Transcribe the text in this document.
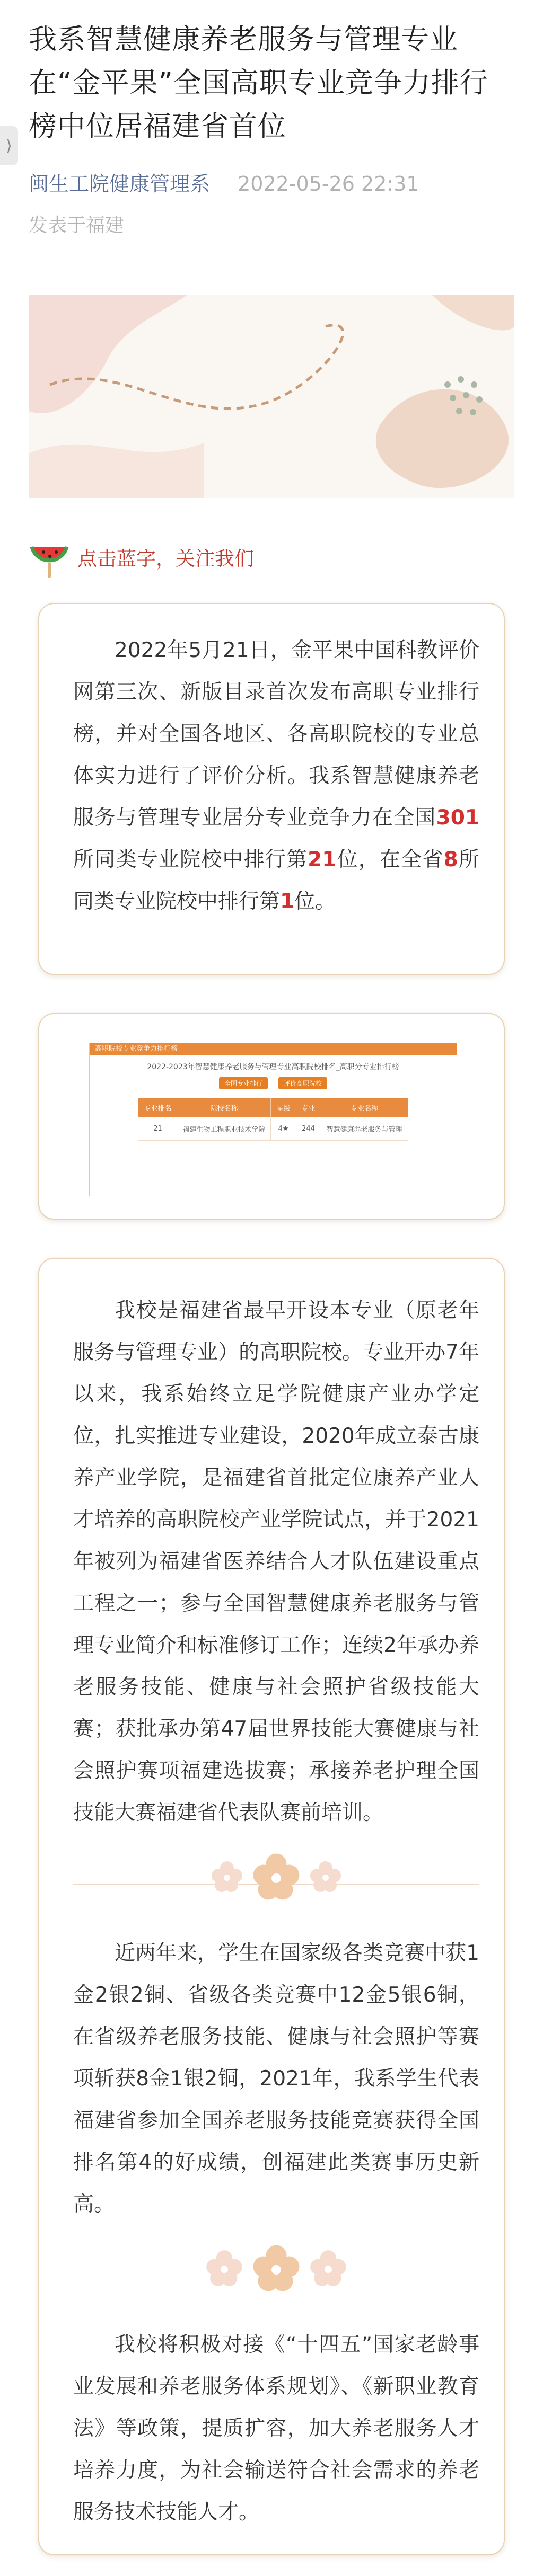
⟩
我系智慧健康养老服务与管理专业在“金平果”全国高职专业竞争力排行榜中位居福建省首位
闽生工院健康管理系 2022-05-26 22:31
发表于福建
点击蓝字，关注我们

2022年5月21日，金平果中国科教评价网第三次、新版目录首次发布高职专业排行榜，并对全国各地区、各高职院校的专业总体实力进行了评价分析。我系智慧健康养老服务与管理专业居分专业竞争力在全国301所同类专业院校中排行第21位，在全省8所同类专业院校中排行第1位。

高职院校专业竞争力排行榜
2022-2023年智慧健康养老服务与管理专业高职院校排名_高职分专业排行榜
全国专业排行	评价高职院校
专业排名	院校名称	星级	专业	专业名称
21	福建生物工程职业技术学院	4★	244	智慧健康养老服务与管理

我校是福建省最早开设本专业（原老年服务与管理专业）的高职院校。专业开办7年以来，我系始终立足学院健康产业办学定位，扎实推进专业建设，2020年成立泰古康养产业学院，是福建省首批定位康养产业人才培养的高职院校产业学院试点，并于2021年被列为福建省医养结合人才队伍建设重点工程之一；参与全国智慧健康养老服务与管理专业简介和标准修订工作；连续2年承办养老服务技能、健康与社会照护省级技能大赛；获批承办第47届世界技能大赛健康与社会照护赛项福建选拔赛；承接养老护理全国技能大赛福建省代表队赛前培训。

近两年来，学生在国家级各类竞赛中获1金2银2铜、省级各类竞赛中12金5银6铜，在省级养老服务技能、健康与社会照护等赛项斩获8金1银2铜，2021年，我系学生代表福建省参加全国养老服务技能竞赛获得全国排名第4的好成绩，创福建此类赛事历史新高。

我校将积极对接《“十四五”国家老龄事业发展和养老服务体系规划》、《新职业教育法》等政策，提质扩容，加大养老服务人才培养力度，为社会输送符合社会需求的养老服务技术技能人才。
